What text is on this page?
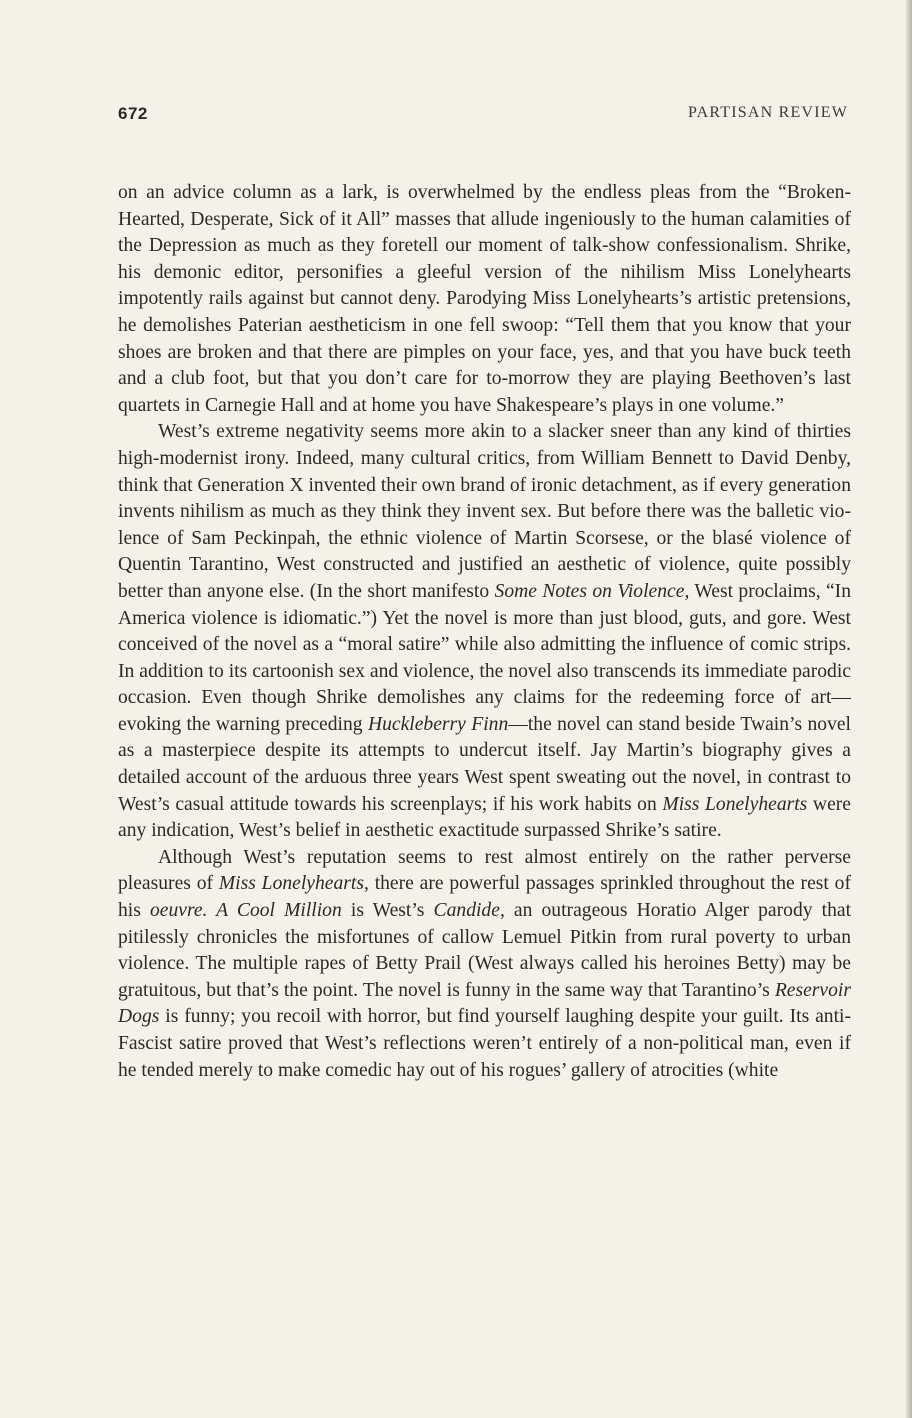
672	PARTISAN REVIEW

on an advice column as a lark, is overwhelmed by the endless pleas from the “Broken-Hearted, Desperate, Sick of it All” masses that allude ingeniously to the human calamities of the Depression as much as they foretell our moment of talk-show confessionalism. Shrike, his demonic editor, personifies a gleeful version of the nihilism Miss Lonelyhearts impotently rails against but cannot deny. Parodying Miss Lonelyhearts’s artistic pretensions, he demolishes Paterian aestheticism in one fell swoop: “Tell them that you know that your shoes are broken and that there are pimples on your face, yes, and that you have buck teeth and a club foot, but that you don’t care for to-morrow they are playing Beethoven’s last quartets in Carnegie Hall and at home you have Shakespeare’s plays in one volume.”

West’s extreme negativity seems more akin to a slacker sneer than any kind of thirties high-modernist irony. Indeed, many cultural critics, from William Bennett to David Denby, think that Generation X invented their own brand of ironic detachment, as if every generation invents nihilism as much as they think they invent sex. But before there was the balletic violence of Sam Peckinpah, the ethnic violence of Martin Scorsese, or the blasé violence of Quentin Tarantino, West constructed and justified an aesthetic of violence, quite possibly better than anyone else. (In the short manifesto Some Notes on Violence, West proclaims, “In America violence is idiomatic.”) Yet the novel is more than just blood, guts, and gore. West conceived of the novel as a “moral satire” while also admitting the influence of comic strips. In addition to its cartoonish sex and violence, the novel also transcends its immediate parodic occasion. Even though Shrike demolishes any claims for the redeeming force of art—evoking the warning preceding Huckleberry Finn—the novel can stand beside Twain’s novel as a masterpiece despite its attempts to undercut itself. Jay Martin’s biography gives a detailed account of the arduous three years West spent sweating out the novel, in contrast to West’s casual attitude towards his screenplays; if his work habits on Miss Lonelyhearts were any indication, West’s belief in aesthetic exactitude surpassed Shrike’s satire.

Although West’s reputation seems to rest almost entirely on the rather perverse pleasures of Miss Lonelyhearts, there are powerful passages sprinkled throughout the rest of his oeuvre. A Cool Million is West’s Candide, an outrageous Horatio Alger parody that pitilessly chronicles the misfortunes of callow Lemuel Pitkin from rural poverty to urban violence. The multiple rapes of Betty Prail (West always called his heroines Betty) may be gratuitous, but that’s the point. The novel is funny in the same way that Tarantino’s Reservoir Dogs is funny; you recoil with horror, but find yourself laughing despite your guilt. Its anti-Fascist satire proved that West’s reflections weren’t entirely of a non-political man, even if he tended merely to make comedic hay out of his rogues’ gallery of atrocities (white
